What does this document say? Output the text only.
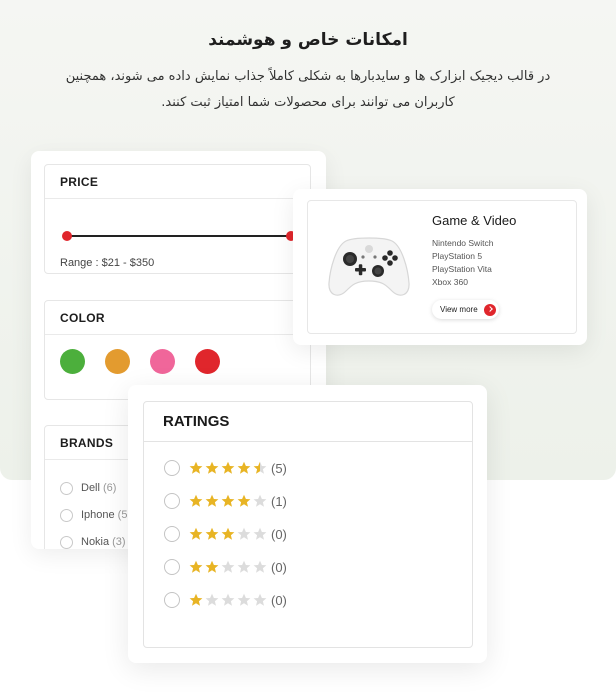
امکانات خاص و هوشمند
در قالب دیجیک ابزارک ها و سایدبارها به شکلی کاملاً جذاب نمایش داده می شوند، همچنین
کاربران می توانند برای محصولات شما امتیاز ثبت کنند.
PRICE
Range : $21 - $350
COLOR
BRANDS
Dell (6)
Iphone (5
Nokia (3)
Game & Video
Nintendo Switch
PlayStation 5
PlayStation Vita
Xbox 360
View more
RATINGS
(5)
(1)
(0)
(0)
(0)
